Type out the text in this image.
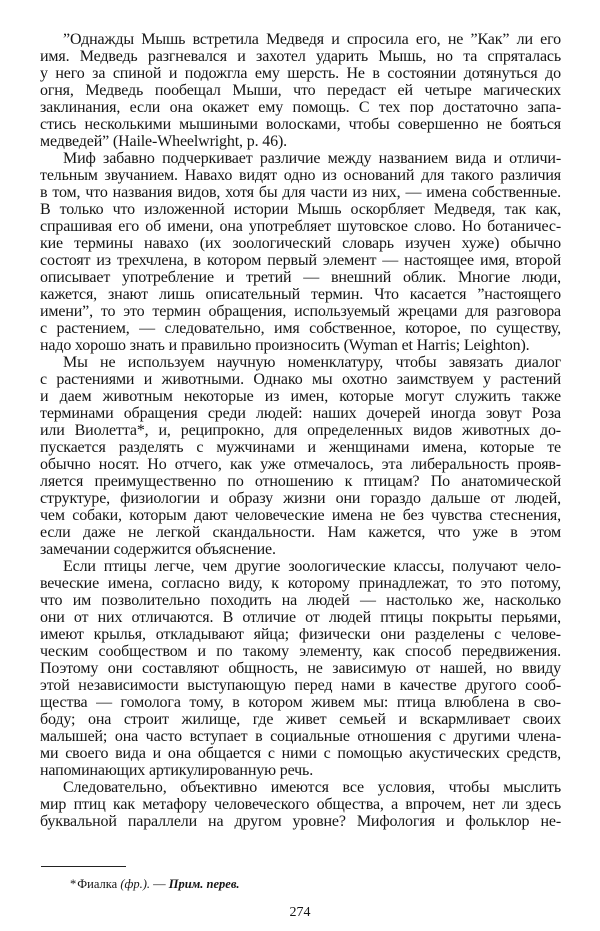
”Однажды Мышь встретила Медведя и спросила его, не ”Как” ли его
имя. Медведь разгневался и захотел ударить Мышь, но та спряталась
у него за спиной и подожгла ему шерсть. Не в состоянии дотянуться до
огня, Медведь пообещал Мыши, что передаст ей четыре магических
заклинания, если она окажет ему помощь. С тех пор достаточно запа-
стись несколькими мышиными волосками, чтобы совершенно не бояться
медведей” (Haile-Wheelwright, p. 46).
Миф забавно подчеркивает различие между названием вида и отличи-
тельным звучанием. Навахо видят одно из оснований для такого различия
в том, что названия видов, хотя бы для части из них, — имена собственные.
В только что изложенной истории Мышь оскорбляет Медведя, так как,
спрашивая его об имени, она употребляет шутовское слово. Но ботаничес-
кие термины навахо (их зоологический словарь изучен хуже) обычно
состоят из трехчлена, в котором первый элемент — настоящее имя, второй
описывает употребление и третий — внешний облик. Многие люди,
кажется, знают лишь описательный термин. Что касается ”настоящего
имени”, то это термин обращения, используемый жрецами для разговора
с растением, — следовательно, имя собственное, которое, по существу,
надо хорошо знать и правильно произносить (Wyman et Harris; Leighton).
Мы не используем научную номенклатуру, чтобы завязать диалог
с растениями и животными. Однако мы охотно заимствуем у растений
и даем животным некоторые из имен, которые могут служить также
терминами обращения среди людей: наших дочерей иногда зовут Роза
или Виолетта*, и, реципрокно, для определенных видов животных до-
пускается разделять с мужчинами и женщинами имена, которые те
обычно носят. Но отчего, как уже отмечалось, эта либеральность прояв-
ляется преимущественно по отношению к птицам? По анатомической
структуре, физиологии и образу жизни они гораздо дальше от людей,
чем собаки, которым дают человеческие имена не без чувства стеснения,
если даже не легкой скандальности. Нам кажется, что уже в этом
замечании содержится объяснение.
Если птицы легче, чем другие зоологические классы, получают чело-
веческие имена, согласно виду, к которому принадлежат, то это потому,
что им позволительно походить на людей — настолько же, насколько
они от них отличаются. В отличие от людей птицы покрыты перьями,
имеют крылья, откладывают яйца; физически они разделены с челове-
ческим сообществом и по такому элементу, как способ передвижения.
Поэтому они составляют общность, не зависимую от нашей, но ввиду
этой независимости выступающую перед нами в качестве другого сооб-
щества — гомолога тому, в котором живем мы: птица влюблена в сво-
боду; она строит жилище, где живет семьей и вскармливает своих
малышей; она часто вступает в социальные отношения с другими члена-
ми своего вида и она общается с ними с помощью акустических средств,
напоминающих артикулированную речь.
Следовательно, объективно имеются все условия, чтобы мыслить
мир птиц как метафору человеческого общества, а впрочем, нет ли здесь
буквальной параллели на другом уровне? Мифология и фольклор не-
* Фиалка (фр.). — Прим. перев.
274
